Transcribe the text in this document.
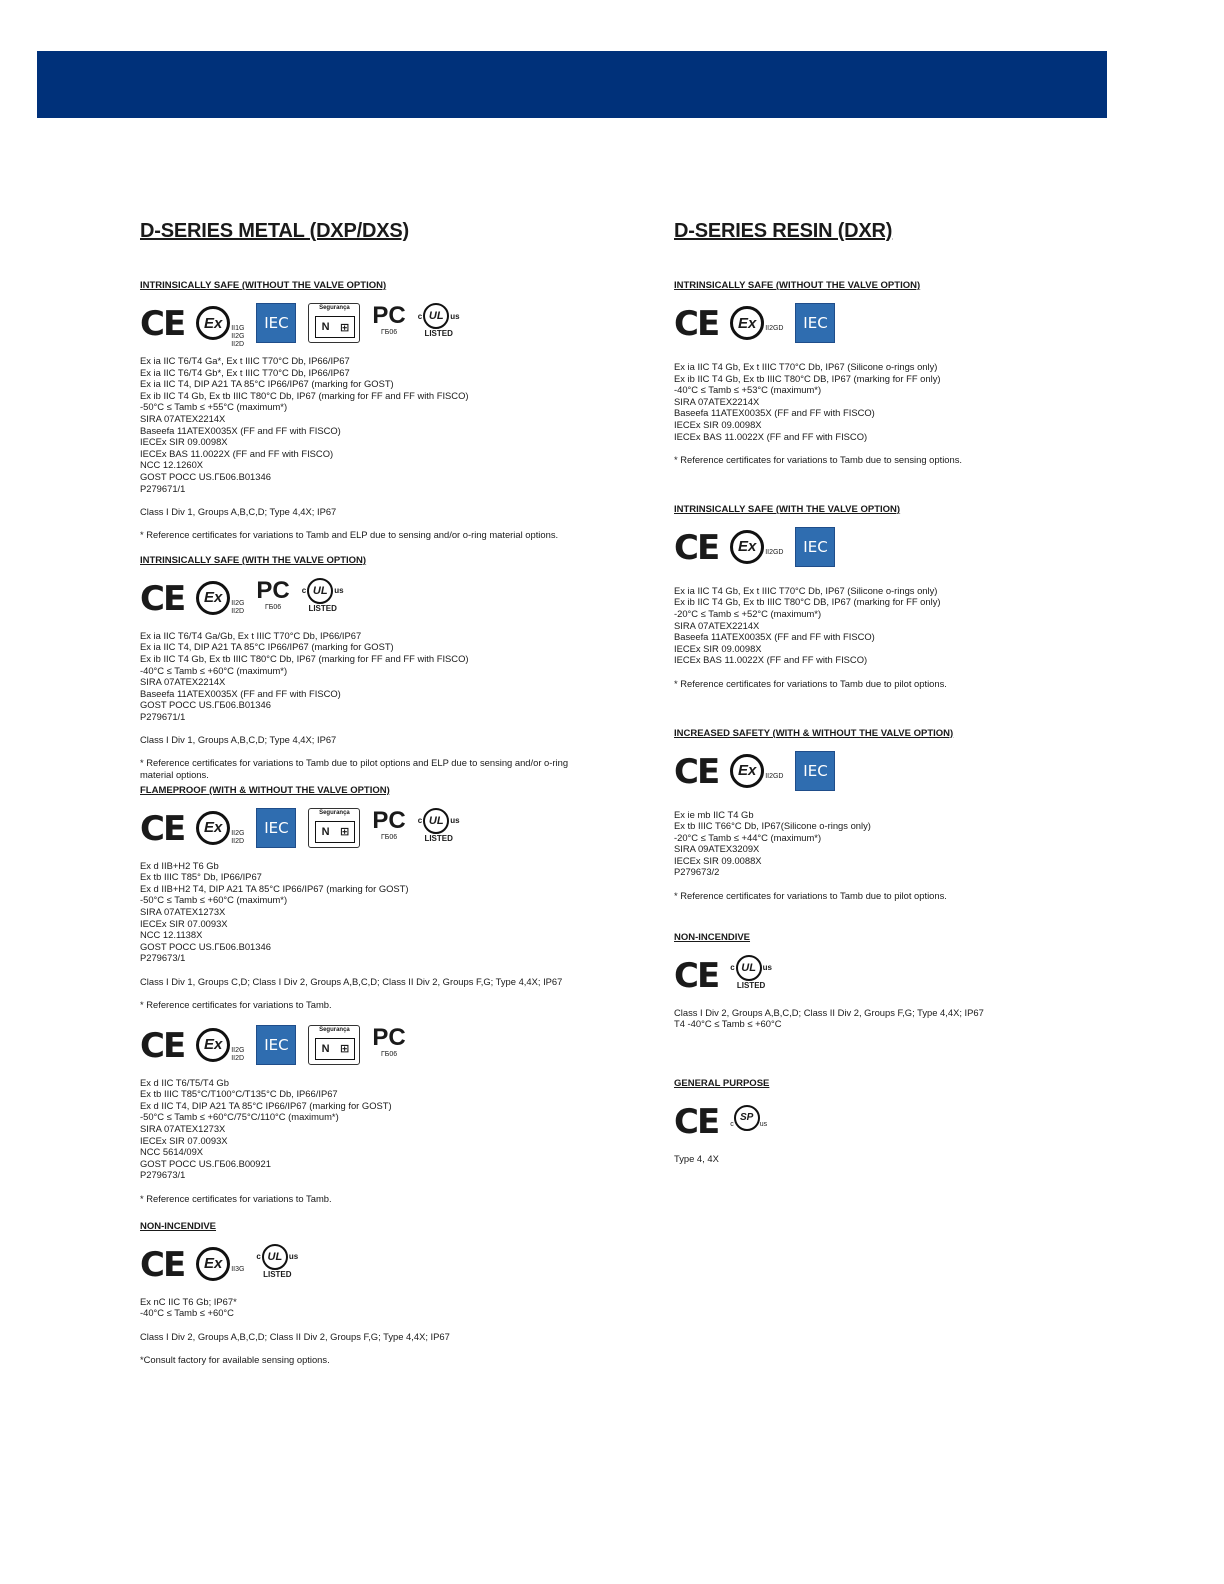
D-SERIES METAL (DXP/DXS)
INTRINSICALLY SAFE (WITHOUT THE VALVE OPTION)
CE	Ex	II1G
II2G
II2D
IEC
Segurança
N ⊞ PC
ГБ06
c UL us
LISTED
Ex ia IIC T6/T4 Ga*, Ex t IIIC T70°C Db, IP66/IP67
Ex ia IIC T6/T4 Gb*, Ex t IIIC T70°C Db, IP66/IP67
Ex ia IIC T4, DIP A21 TA 85°C IP66/IP67 (marking for GOST)
Ex ib IIC T4 Gb, Ex tb IIIC T80°C Db, IP67 (marking for FF and FF with FISCO)
-50°C ≤ Tamb ≤ +55°C (maximum*)
SIRA 07ATEX2214X
Baseefa 11ATEX0035X (FF and FF with FISCO)
IECEx SIR 09.0098X
IECEx BAS 11.0022X (FF and FF with FISCO)
NCC 12.1260X
GOST POCC US.ГБ06.B01346
P279671/1
Class I Div 1, Groups A,B,C,D; Type 4,4X; IP67
* Reference certificates for variations to Tamb and ELP due to sensing and/or o-ring material options.
INTRINSICALLY SAFE (WITH THE VALVE OPTION)
CE	Ex	II2G
II2D
PC
ГБ06
c UL us
LISTED
Ex ia IIC T6/T4 Ga/Gb, Ex t IIIC T70°C Db, IP66/IP67
Ex ia IIC T4, DIP A21 TA 85°C IP66/IP67 (marking for GOST)
Ex ib IIC T4 Gb, Ex tb IIIC T80°C Db, IP67 (marking for FF and FF with FISCO)
-40°C ≤ Tamb ≤ +60°C (maximum*)
SIRA 07ATEX2214X
Baseefa 11ATEX0035X (FF and FF with FISCO)
GOST POCC US.ГБ06.B01346
P279671/1
Class I Div 1, Groups A,B,C,D; Type 4,4X; IP67
* Reference certificates for variations to Tamb due to pilot options and ELP due to sensing and/or o-ring material options.
FLAMEPROOF (WITH & WITHOUT THE VALVE OPTION)
CE	Ex	II2G
II2D
IEC
Segurança
N ⊞ PC
ГБ06
c UL us
LISTED
Ex d IIB+H2 T6 Gb
Ex tb IIIC T85° Db, IP66/IP67
Ex d IIB+H2 T4, DIP A21 TA 85°C IP66/IP67 (marking for GOST)
-50°C ≤ Tamb ≤ +60°C (maximum*)
SIRA 07ATEX1273X
IECEx SIR 07.0093X
NCC 12.1138X
GOST POCC US.ГБ06.B01346
P279673/1
Class I Div 1, Groups C,D; Class I Div 2, Groups A,B,C,D; Class II Div 2, Groups F,G; Type 4,4X; IP67
* Reference certificates for variations to Tamb.
CE	Ex	II2G
II2D
IEC
Segurança
N ⊞ PC
ГБ06
Ex d IIC T6/T5/T4 Gb
Ex tb IIIC T85°C/T100°C/T135°C Db, IP66/IP67
Ex d IIC T4, DIP A21 TA 85°C IP66/IP67 (marking for GOST)
-50°C ≤ Tamb ≤ +60°C/75°C/110°C (maximum*)
SIRA 07ATEX1273X
IECEx SIR 07.0093X
NCC 5614/09X
GOST POCC US.ГБ06.B00921
P279673/1
* Reference certificates for variations to Tamb.
NON-INCENDIVE
CE	Ex	II3G
c UL us
LISTED
Ex nC IIC T6 Gb; IP67*
-40°C ≤ Tamb ≤ +60°C
Class I Div 2, Groups A,B,C,D; Class II Div 2, Groups F,G; Type 4,4X; IP67
*Consult factory for available sensing options.
D-SERIES RESIN (DXR)
INTRINSICALLY SAFE (WITHOUT THE VALVE OPTION)
CE	Ex	II2GD	IEC
Ex ia IIC T4 Gb, Ex t IIIC T70°C Db, IP67 (Silicone o-rings only)
Ex ib IIC T4 Gb, Ex tb IIIC T80°C DB, IP67 (marking for FF only)
-40°C ≤ Tamb ≤ +53°C (maximum*)
SIRA 07ATEX2214X
Baseefa 11ATEX0035X (FF and FF with FISCO)
IECEx SIR 09.0098X
IECEx BAS 11.0022X (FF and FF with FISCO)
* Reference certificates for variations to Tamb due to sensing options.
INTRINSICALLY SAFE (WITH THE VALVE OPTION)
CE	Ex	II2GD	IEC
Ex ia IIC T4 Gb, Ex t IIIC T70°C Db, IP67 (Silicone o-rings only)
Ex ib IIC T4 Gb, Ex tb IIIC T80°C DB, IP67 (marking for FF only)
-20°C ≤ Tamb ≤ +52°C (maximum*)
SIRA 07ATEX2214X
Baseefa 11ATEX0035X (FF and FF with FISCO)
IECEx SIR 09.0098X
IECEx BAS 11.0022X (FF and FF with FISCO)
* Reference certificates for variations to Tamb due to pilot options.
INCREASED SAFETY (WITH & WITHOUT THE VALVE OPTION)
CE	Ex	II2GD	IEC
Ex ie mb IIC T4 Gb
Ex tb IIIC T66°C Db, IP67(Silicone o-rings only)
-20°C ≤ Tamb ≤ +44°C (maximum*)
SIRA 09ATEX3209X
IECEx SIR 09.0088X
P279673/2
* Reference certificates for variations to Tamb due to pilot options.
NON-INCENDIVE
CE c UL us
LISTED
Class I Div 2, Groups A,B,C,D; Class II Div 2, Groups F,G; Type 4,4X; IP67
T4 -40°C ≤ Tamb ≤ +60°C
GENERAL PURPOSE
CE c
SP
us
Type 4, 4X
